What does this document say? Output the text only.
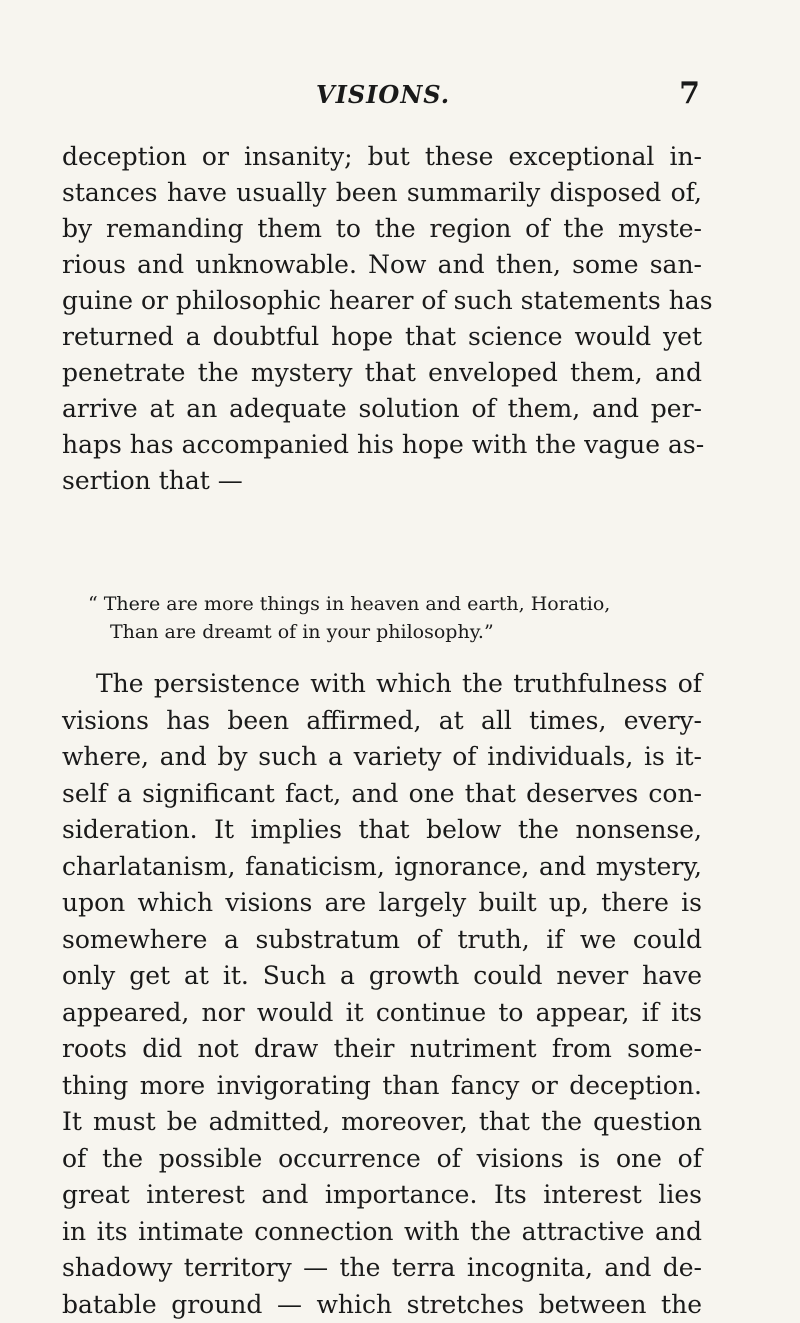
VISIONS.	7
deception or insanity; but these exceptional in-
stances have usually been summarily disposed of,
by remanding them to the region of the myste-
rious and unknowable. Now and then, some san-
guine or philosophic hearer of such statements has
returned a doubtful hope that science would yet
penetrate the mystery that enveloped them, and
arrive at an adequate solution of them, and per-
haps has accompanied his hope with the vague as-
sertion that —
“ There are more things in heaven and earth, Horatio,
Than are dreamt of in your philosophy.”
The persistence with which the truthfulness of
visions has been affirmed, at all times, every-
where, and by such a variety of individuals, is it-
self a significant fact, and one that deserves con-
sideration. It implies that below the nonsense,
charlatanism, fanaticism, ignorance, and mystery,
upon which visions are largely built up, there is
somewhere a substratum of truth, if we could
only get at it. Such a growth could never have
appeared, nor would it continue to appear, if its
roots did not draw their nutriment from some-
thing more invigorating than fancy or deception.
It must be admitted, moreover, that the question
of the possible occurrence of visions is one of
great interest and importance. Its interest lies
in its intimate connection with the attractive and
shadowy territory — the terra incognita, and de-
batable ground — which stretches between the
